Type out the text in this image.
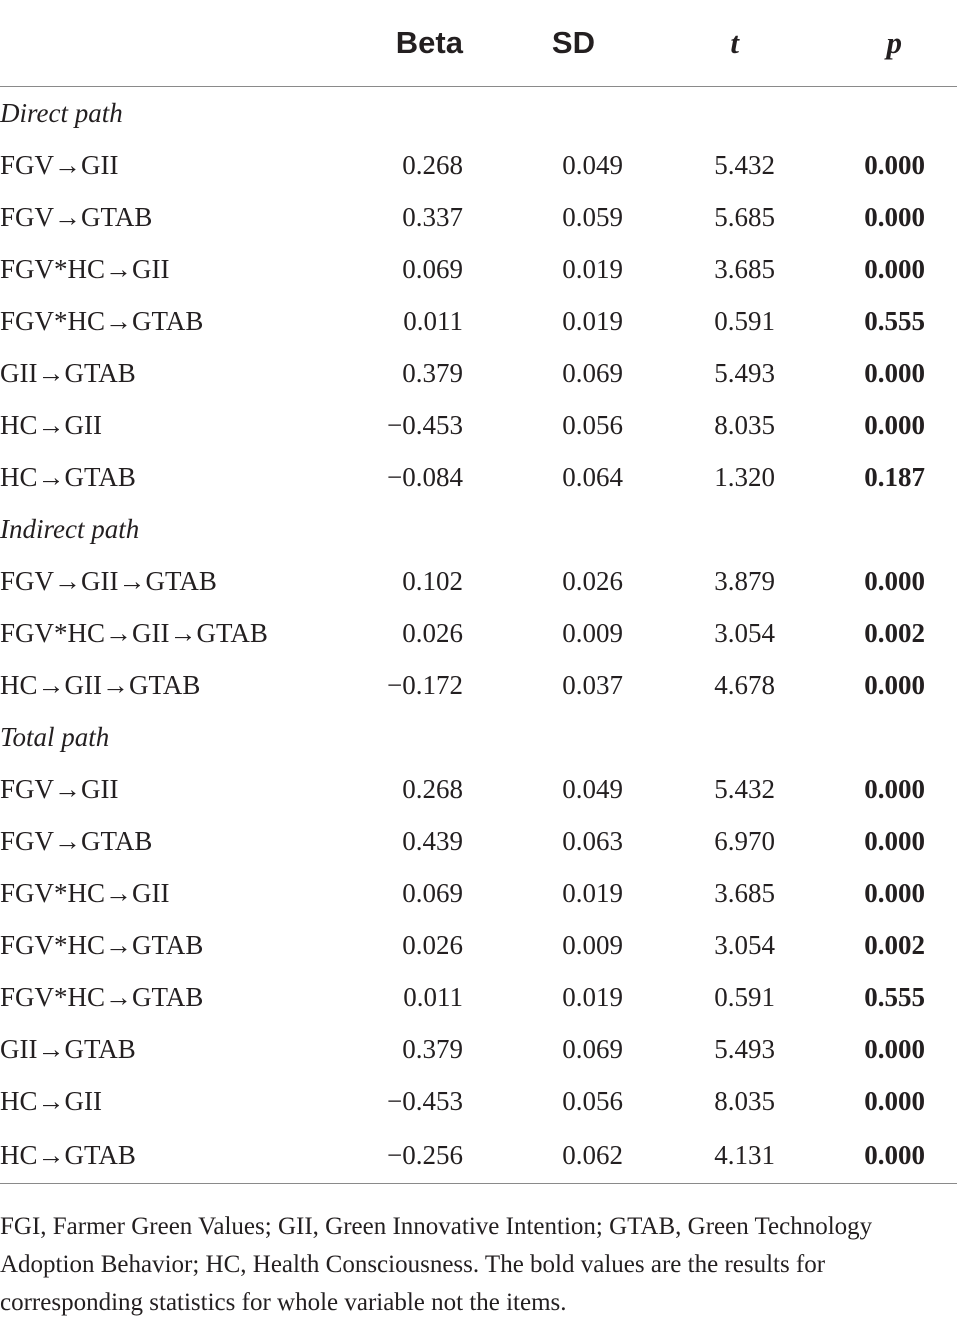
	Beta	SD	t	p
Direct path				
FGV→GII	0.268	0.049	5.432	0.000
FGV→GTAB	0.337	0.059	5.685	0.000
FGV*HC→GII	0.069	0.019	3.685	0.000
FGV*HC→GTAB	0.011	0.019	0.591	0.555
GII→GTAB	0.379	0.069	5.493	0.000
HC→GII	−0.453	0.056	8.035	0.000
HC→GTAB	−0.084	0.064	1.320	0.187
Indirect path				
FGV→GII→GTAB	0.102	0.026	3.879	0.000
FGV*HC→GII→GTAB	0.026	0.009	3.054	0.002
HC→GII→GTAB	−0.172	0.037	4.678	0.000
Total path				
FGV→GII	0.268	0.049	5.432	0.000
FGV→GTAB	0.439	0.063	6.970	0.000
FGV*HC→GII	0.069	0.019	3.685	0.000
FGV*HC→GTAB	0.026	0.009	3.054	0.002
FGV*HC→GTAB	0.011	0.019	0.591	0.555
GII→GTAB	0.379	0.069	5.493	0.000
HC→GII	−0.453	0.056	8.035	0.000
HC→GTAB	−0.256	0.062	4.131	0.000

FGI, Farmer Green Values; GII, Green Innovative Intention; GTAB, Green Technology Adoption Behavior; HC, Health Consciousness. The bold values are the results for corresponding statistics for whole variable not the items.
